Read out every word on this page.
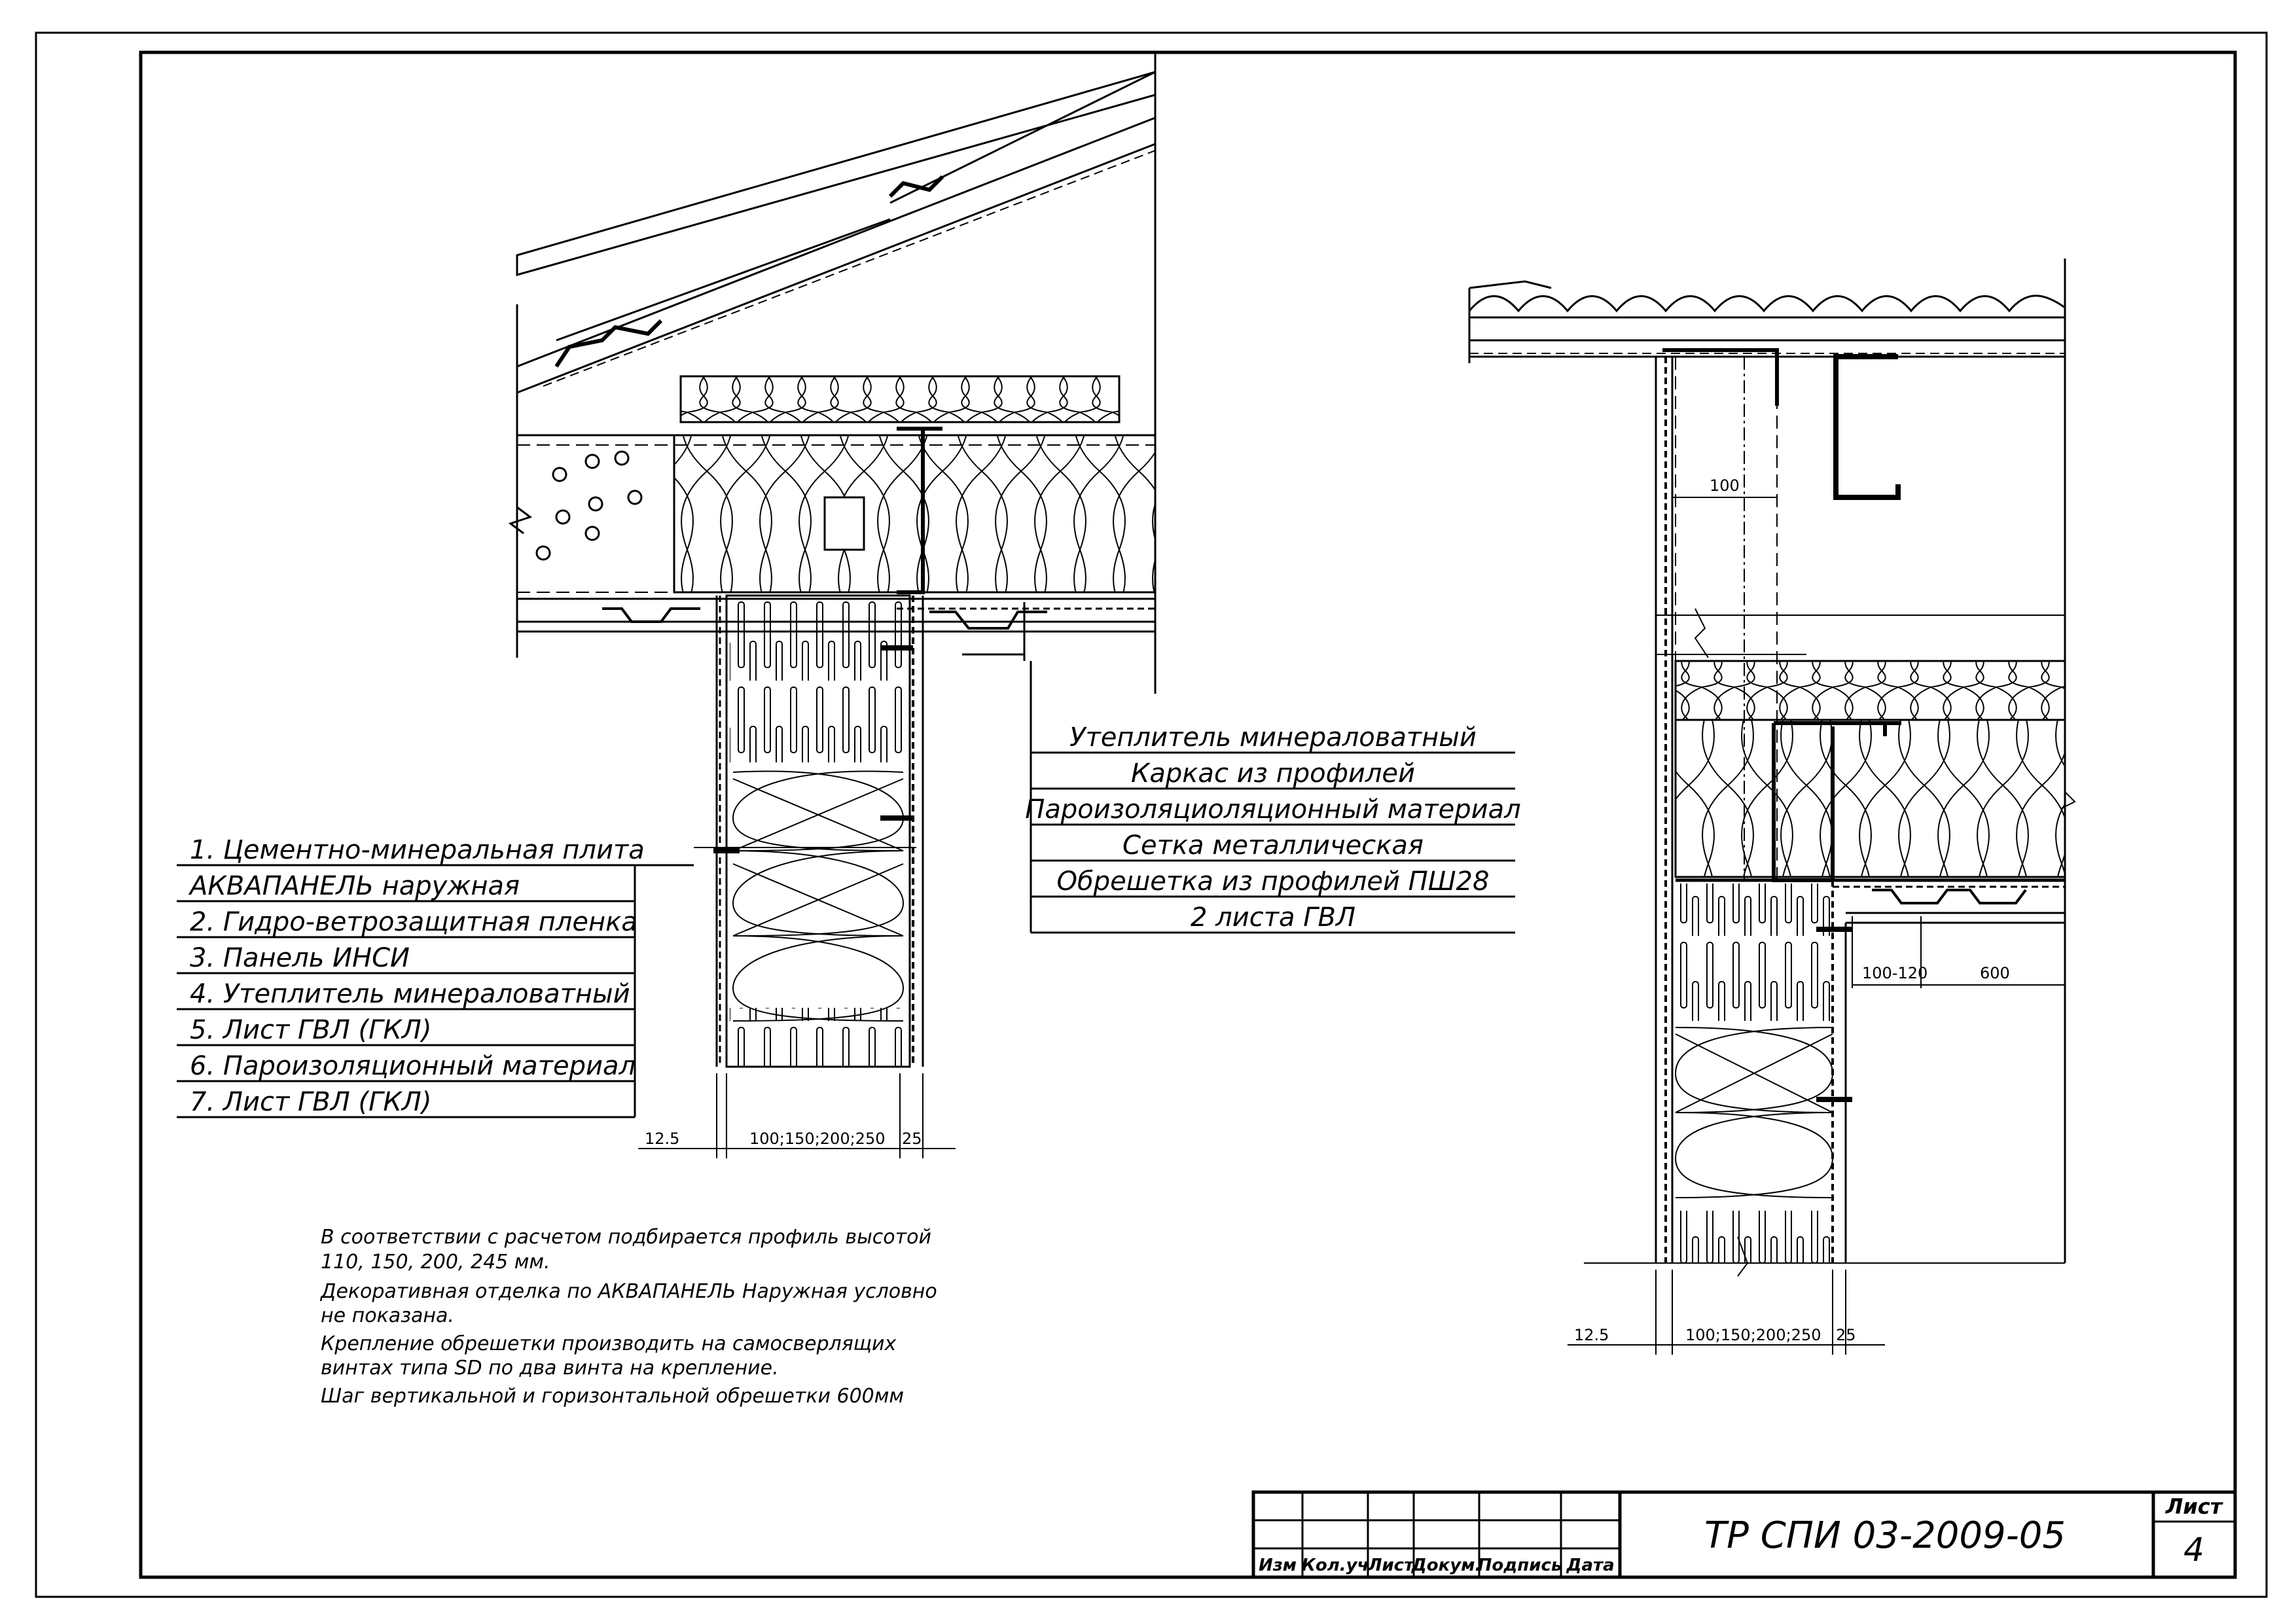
1. Цементно-минеральная плита
АКВАПАНЕЛЬ наружная
2. Гидро-ветрозащитная пленка
3. Панель ИНСИ
4. Утеплитель минераловатный
5. Лист ГВЛ (ГКЛ)
6. Пароизоляционный материал
7. Лист ГВЛ (ГКЛ)
Утеплитель минераловатный
Каркас из профилей
Пароизоляциоляционный материал
Сетка металлическая
Обрешетка из профилей ПШ28
2 листа ГВЛ
12.5	100;150;200;250 25
100
100-120	600
12.5	100;150;200;250 25
В соответствии с расчетом подбирается профиль высотой
110, 150, 200, 245 мм.
Декоративная отделка по АКВАПАНЕЛЬ Наружная условно
не показана.
Крепление обрешетки производить на самосверлящих
винтах типа SD по два винта на крепление.
Шаг вертикальной и горизонтальной обрешетки 600мм
Изм Кол.уч
Лист
Докум.
Подпись Дата
ТР СПИ 03-2009-05
Лист
4
